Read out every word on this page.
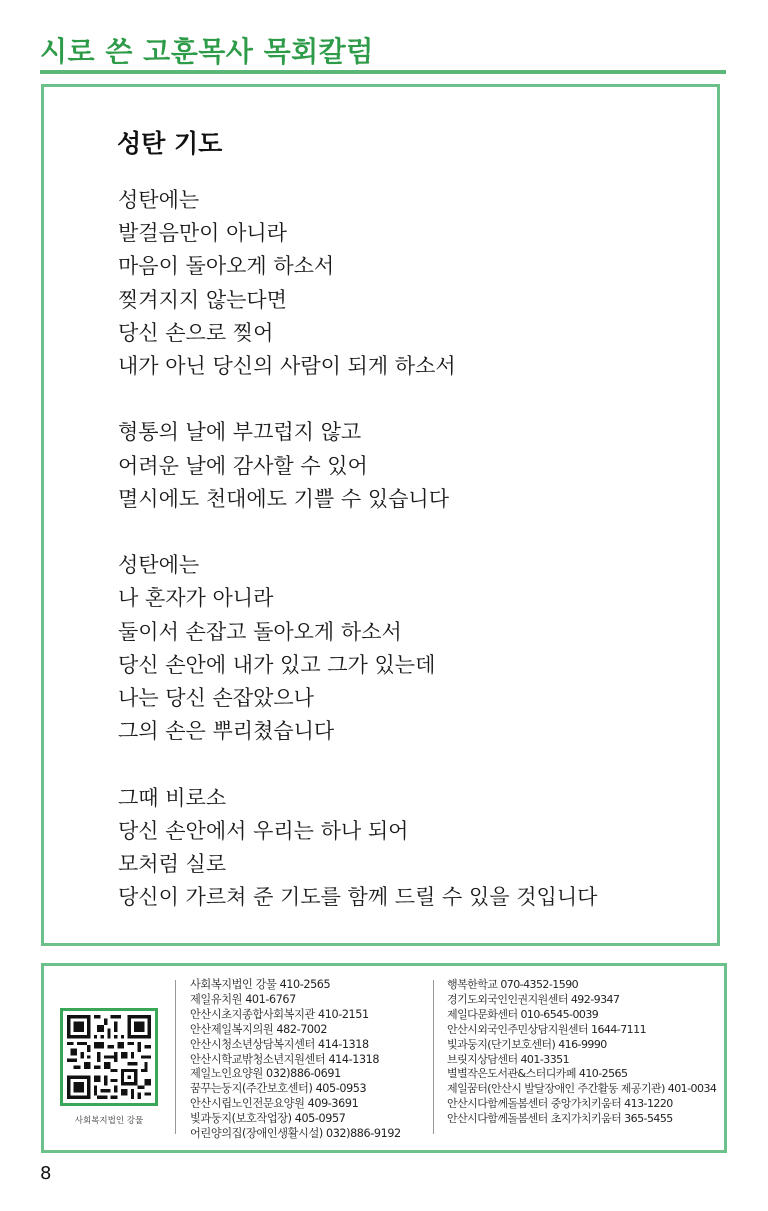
시로 쓴 고훈목사 목회칼럼
성탄 기도
성탄에는
발걸음만이 아니라
마음이 돌아오게 하소서
찢겨지지 않는다면
당신 손으로 찢어
내가 아닌 당신의 사람이 되게 하소서
형통의 날에 부끄럽지 않고
어려운 날에 감사할 수 있어
멸시에도 천대에도 기쁠 수 있습니다
성탄에는
나 혼자가 아니라
둘이서 손잡고 돌아오게 하소서
당신 손안에 내가 있고 그가 있는데
나는 당신 손잡았으나
그의 손은 뿌리쳤습니다
그때 비로소
당신 손안에서 우리는 하나 되어
모처럼 실로
당신이 가르쳐 준 기도를 함께 드릴 수 있을 것입니다
사회복지법인 강물
사회복지법인 강물 410-2565
제일유치원 401-6767
안산시초지종합사회복지관 410-2151
안산제일복지의원 482-7002
안산시청소년상담복지센터 414-1318
안산시학교밖청소년지원센터 414-1318
제일노인요양원 032)886-0691
꿈꾸는둥지(주간보호센터) 405-0953
안산시립노인전문요양원 409-3691
빛과둥지(보호작업장) 405-0957
어린양의집(장애인생활시설) 032)886-9192
행복한학교 070-4352-1590
경기도외국인인권지원센터 492-9347
제일다문화센터 010-6545-0039
안산시외국인주민상담지원센터 1644-7111
빛과둥지(단기보호센터) 416-9990
브릿지상담센터 401-3351
별별작은도서관&스터디카페 410-2565
제일꿈터(안산시 발달장애인 주간활동 제공기관) 401-0034
안산시다함께돌봄센터 중앙가치키움터 413-1220
안산시다함께돌봄센터 초지가치키움터 365-5455
8
